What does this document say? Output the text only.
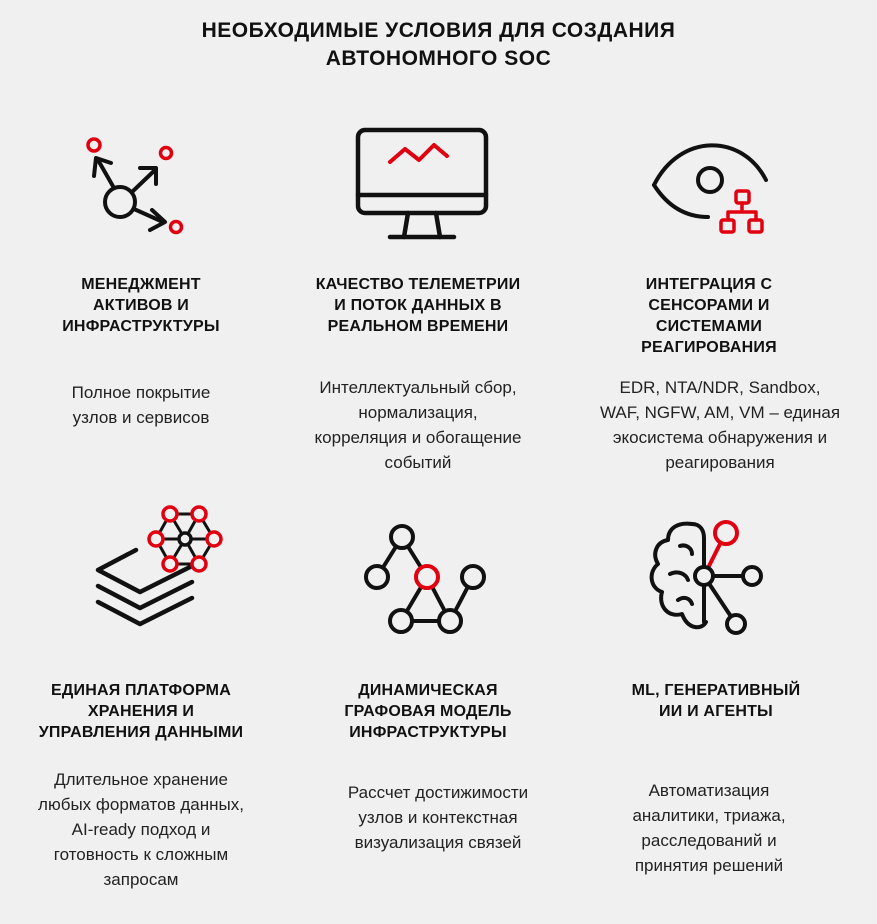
НЕОБХОДИМЫЕ УСЛОВИЯ ДЛЯ СОЗДАНИЯ
АВТОНОМНОГО SOC
МЕНЕДЖМЕНТ
АКТИВОВ И
ИНФРАСТРУКТУРЫ
КАЧЕСТВО ТЕЛЕМЕТРИИ
И ПОТОК ДАННЫХ В
РЕАЛЬНОМ ВРЕМЕНИ
ИНТЕГРАЦИЯ С
СЕНСОРАМИ И
СИСТЕМАМИ
РЕАГИРОВАНИЯ
Полное покрытие
узлов и сервисов
Интеллектуальный сбор,
нормализация,
корреляция и обогащение
событий
EDR, NTA/NDR, Sandbox,
WAF, NGFW, AM, VM – единая
экосистема обнаружения и
реагирования
ЕДИНАЯ ПЛАТФОРМА
ХРАНЕНИЯ И
УПРАВЛЕНИЯ ДАННЫМИ
ДИНАМИЧЕСКАЯ
ГРАФОВАЯ МОДЕЛЬ
ИНФРАСТРУКТУРЫ
ML, ГЕНЕРАТИВНЫЙ
ИИ И АГЕНТЫ
Длительное хранение
любых форматов данных,
AI-ready подход и
готовность к сложным
запросам
Рассчет достижимости
узлов и контекстная
визуализация связей
Автоматизация
аналитики, триажа,
расследований и
принятия решений
